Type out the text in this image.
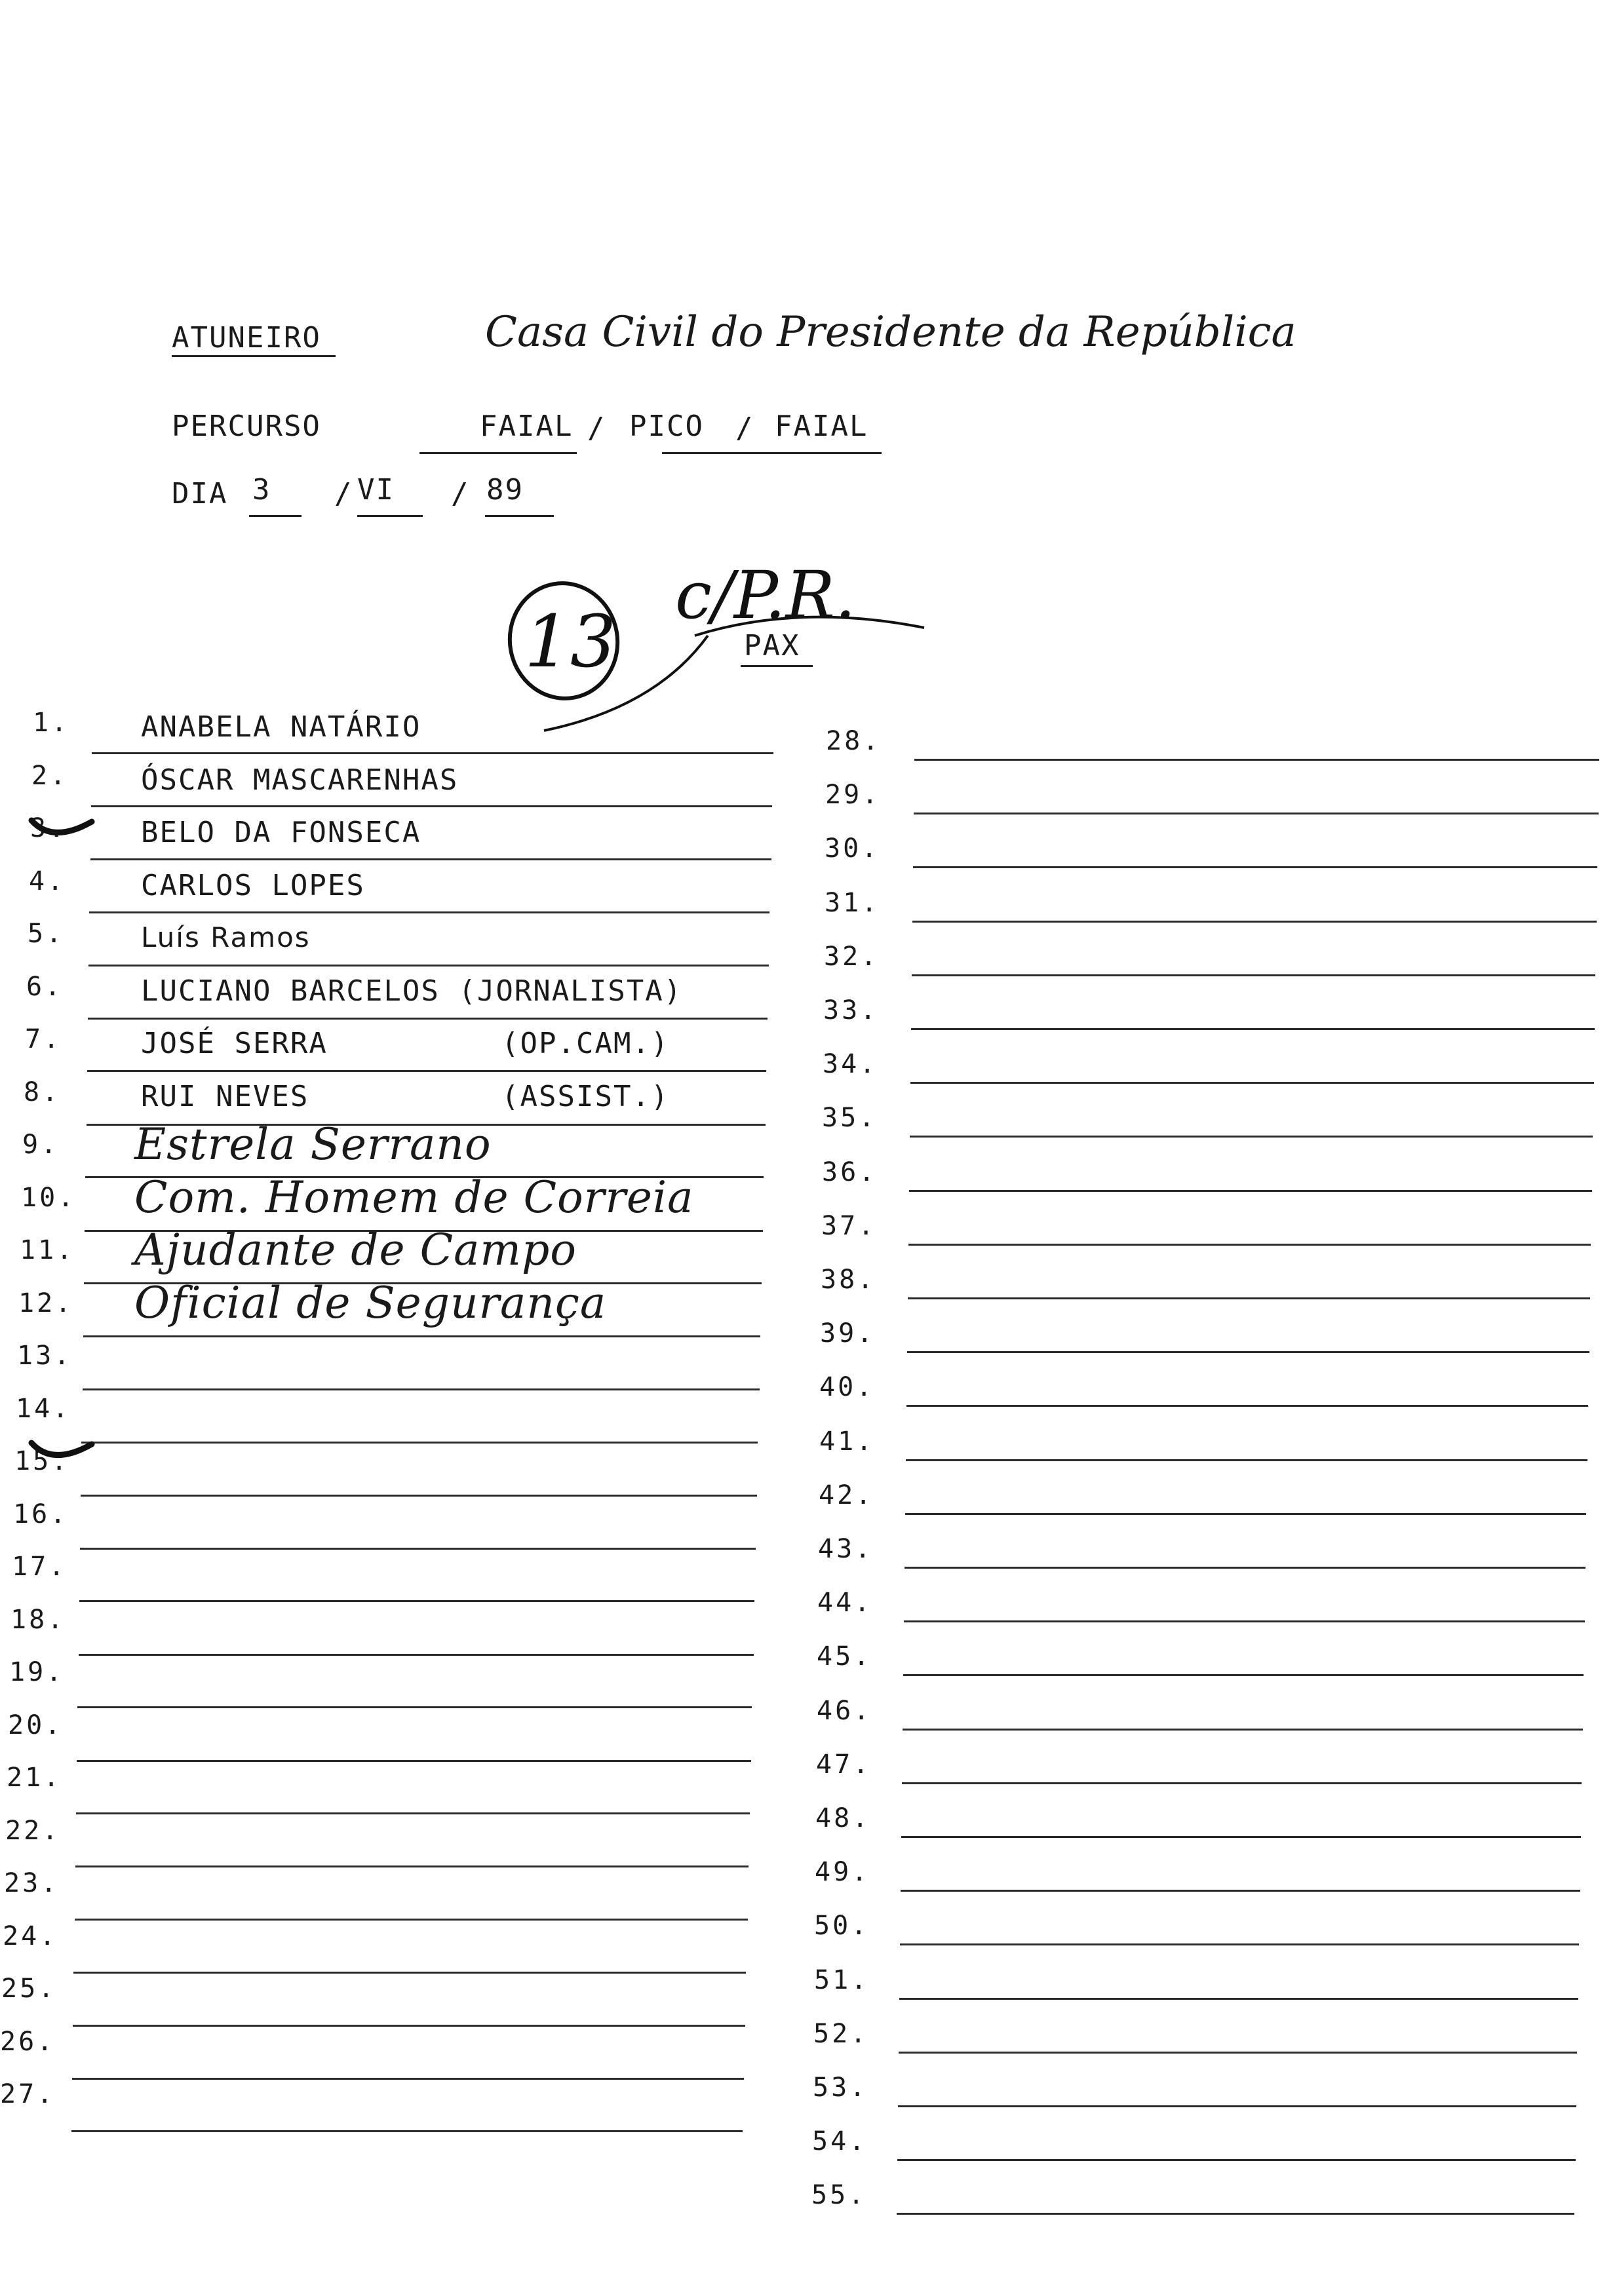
ATUNEIRO	Casa Civil do Presidente da República
PERCURSO	FAIAL / PICO / FAIAL
DIA 3 / VI / 89
13
c/P.R.
PAX
1. ANABELA NATÁRIO
2.	ÓSCAR MASCARENHAS
3.	BELO DA FONSECA
4.	CARLOS LOPES
5.	Luís Ramos
6.	LUCIANO BARCELOS (JORNALISTA)
7.	JOSÉ SERRA	(OP.CAM.)
8.	RUI NEVES	(ASSIST.)
9. Estrela Serrano
10. Com. Homem de Correia
11. Ajudante de Campo
12. Oficial de Segurança
13.
14.
15.
16.
17.
18.
19.
20.
21.
22.
23.
24.
25.
26.
27.
28.
29.
30.
31.
32.
33.
34.
35.
36.
37.
38.
39.
40.
41.
42.
43.
44.
45.
46.
47.
48.
49.
50.
51.
52.
53.
54.
55.
